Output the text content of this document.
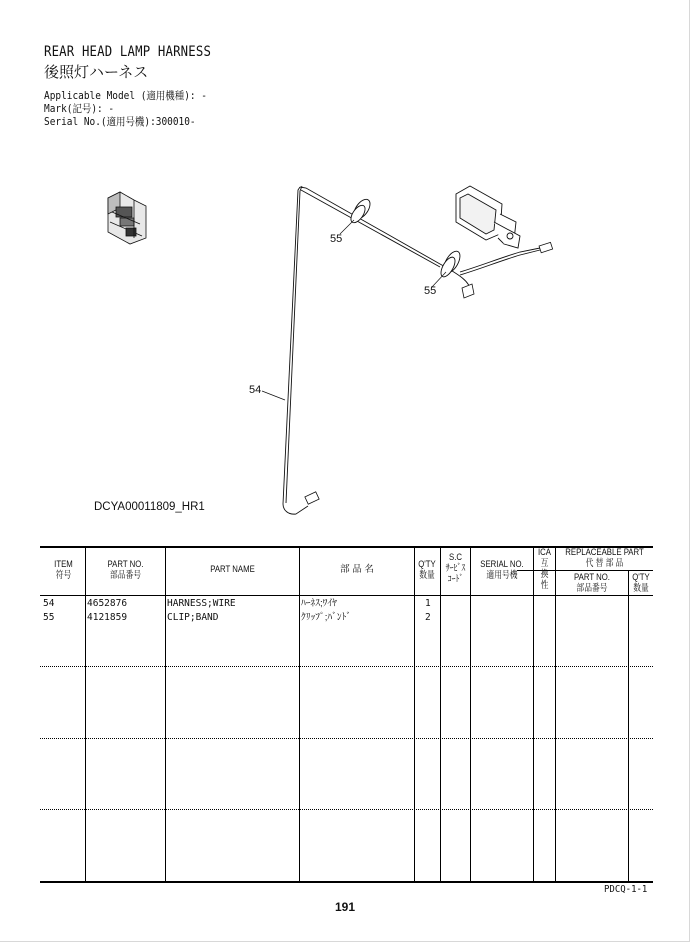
REAR HEAD LAMP HARNESS
後照灯ハーネス
Applicable Model (適用機種): -
Mark(記号): -
Serial No.(適用号機):300010-
55
55
54
DCYA00011809_HR1
ITEM
符号
PART NO.
部品番号
PART NAME	部 品 名	Q'TY
数量
S.C
ｻｰﾋﾞｽ
ｺｰﾄﾞ
SERIAL NO.
適用号機
ICA
互
換
性
REPLACEABLE PART
代 替 部 品
PART NO.
部品番号
Q'TY
数量
54	4652876	HARNESS;WIRE	ﾊｰﾈｽ;ﾜｲﾔ	1
55	4121859	CLIP;BAND	ｸﾘｯﾌﾟ;ﾊﾞﾝﾄﾞ	2
PDCQ-1-1
191
